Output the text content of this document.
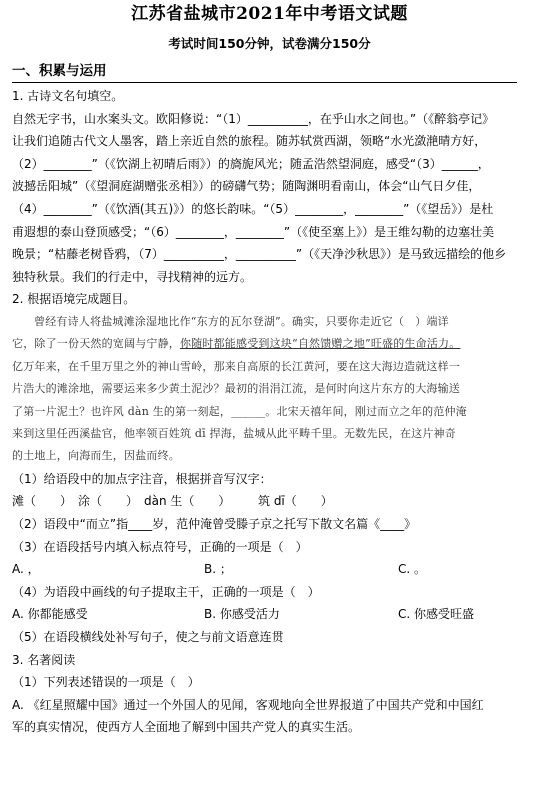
江苏省盐城市2021年中考语文试题
考试时间150分钟，试卷满分150分
一、积累与运用
1. 古诗文名句填空。
自然无字书，山水案头文。欧阳修说：“（1）__________，在乎山水之间也。”（《醉翁亭记》
让我们追随古代文人墨客，踏上亲近自然的旅程。随苏轼赏西湖，领略“水光潋滟晴方好，
（2）________”（《饮湖上初晴后雨》）的旖旎风光；随孟浩然望洞庭，感受“（3）______，
波撼岳阳城”（《望洞庭湖赠张丞相》）的磅礴气势；随陶渊明看南山，体会“山气日夕佳，
（4）________”（《饮酒(其五)》）的悠长韵味。“（5）________，________”（《望岳》）是杜
甫遐想的泰山登顶感受；“（6）________，________”（《使至塞上》）是王维勾勒的边塞壮美
晚景；“枯藤老树昏鸦，（7）__________，__________”（《天净沙秋思》）是马致远描绘的他乡
独特秋景。我们的行走中，寻找精神的远方。
2. 根据语境完成题目。
曾经有诗人将盐城滩涂湿地比作“东方的瓦尔登湖”。确实，只要你走近它（　）端详
它，除了一份天然的宽阔与宁静，你随时都能感受到这块“自然馈赠之地”旺盛的生命活力。
亿万年来，在千里万里之外的神山雪岭，那来自高原的长江黄河，要在这大海边造就这样一
片浩大的滩涂地，需要运来多少黄土泥沙？最初的涓涓江流，是何时向这片东方的大海输送
了第一片泥土？也许风 dàn 生的第一刻起，______。北宋天禧年间，刚过而立之年的范仲淹
来到这里任西溪盐官，他率领百姓筑 dī 捍海，盐城从此平畴千里。无数先民，在这片神奇
的土地上，向海而生，因盐而终。
（1）给语段中的加点字注音，根据拼音写汉字：
滩（　　） 涂（　　） dàn 生（　　） 筑 dī（　　）
（2）语段中“而立”指____岁，范仲淹曾受滕子京之托写下散文名篇《____》
（3）在语段括号内填入标点符号，正确的一项是（　）
A. ，	B. ；	C. 。
（4）为语段中画线的句子提取主干，正确的一项是（　）
A. 你都能感受	B. 你感受活力	C. 你感受旺盛
（5）在语段横线处补写句子，使之与前文语意连贯
3. 名著阅读
（1）下列表述错误的一项是（　）
A. 《红星照耀中国》通过一个外国人的见闻，客观地向全世界报道了中国共产党和中国红
军的真实情况，使西方人全面地了解到中国共产党人的真实生活。
